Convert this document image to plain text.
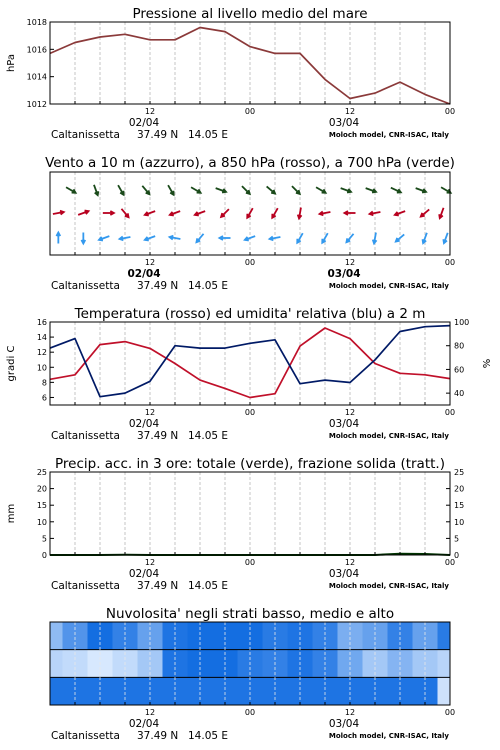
Pressione al livello medio del mare
1012
1014
1016
1018
hPa
12	00	12	00
02/04	03/04
Caltanissetta 37.49 N 14.05 E	Moloch model, CNR-ISAC, Italy
Vento a 10 m (azzurro), a 850 hPa (rosso), a 700 hPa (verde)
12	00	12	00
02/04	03/04
Caltanissetta 37.49 N 14.05 E	Moloch model, CNR-ISAC, Italy
Temperatura (rosso) ed umidita' relativa (blu) a 2 m
6
8
10
12
14
16
40
60
80
100
gradi C	%
12	00	12	00
02/04	03/04
Caltanissetta 37.49 N 14.05 E	Moloch model, CNR-ISAC, Italy
Precip. acc. in 3 ore: totale (verde), frazione solida (tratt.)
0
5
10
15
20
25
0
5
10
15
20
25
mm
12	00	12	00
02/04	03/04
Caltanissetta 37.49 N 14.05 E	Moloch model, CNR-ISAC, Italy
Nuvolosita' negli strati basso, medio e alto
12	00	12	00
02/04	03/04
Caltanissetta 37.49 N 14.05 E	Moloch model, CNR-ISAC, Italy
